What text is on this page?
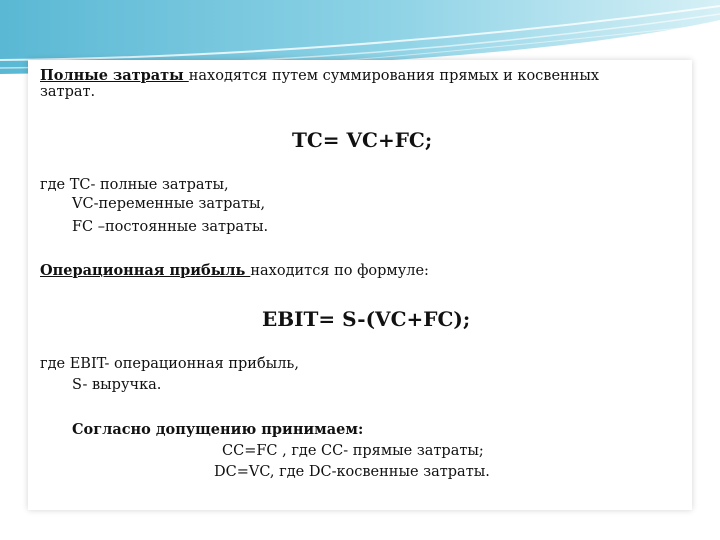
Полные затраты находятся путем суммирования прямых и косвенных

затрат.

TC= VC+FC;

где TC- полные затраты,

VC-переменные затраты,

FC –постоянные затраты.

Операционная прибыль находится по формуле:

EBIT= S-(VC+FC);

где EBIT- операционная прибыль,

S- выручка.

Согласно допущению принимаем:

CC=FC , где CC- прямые затраты;

DC=VC, где DC-косвенные затраты.
